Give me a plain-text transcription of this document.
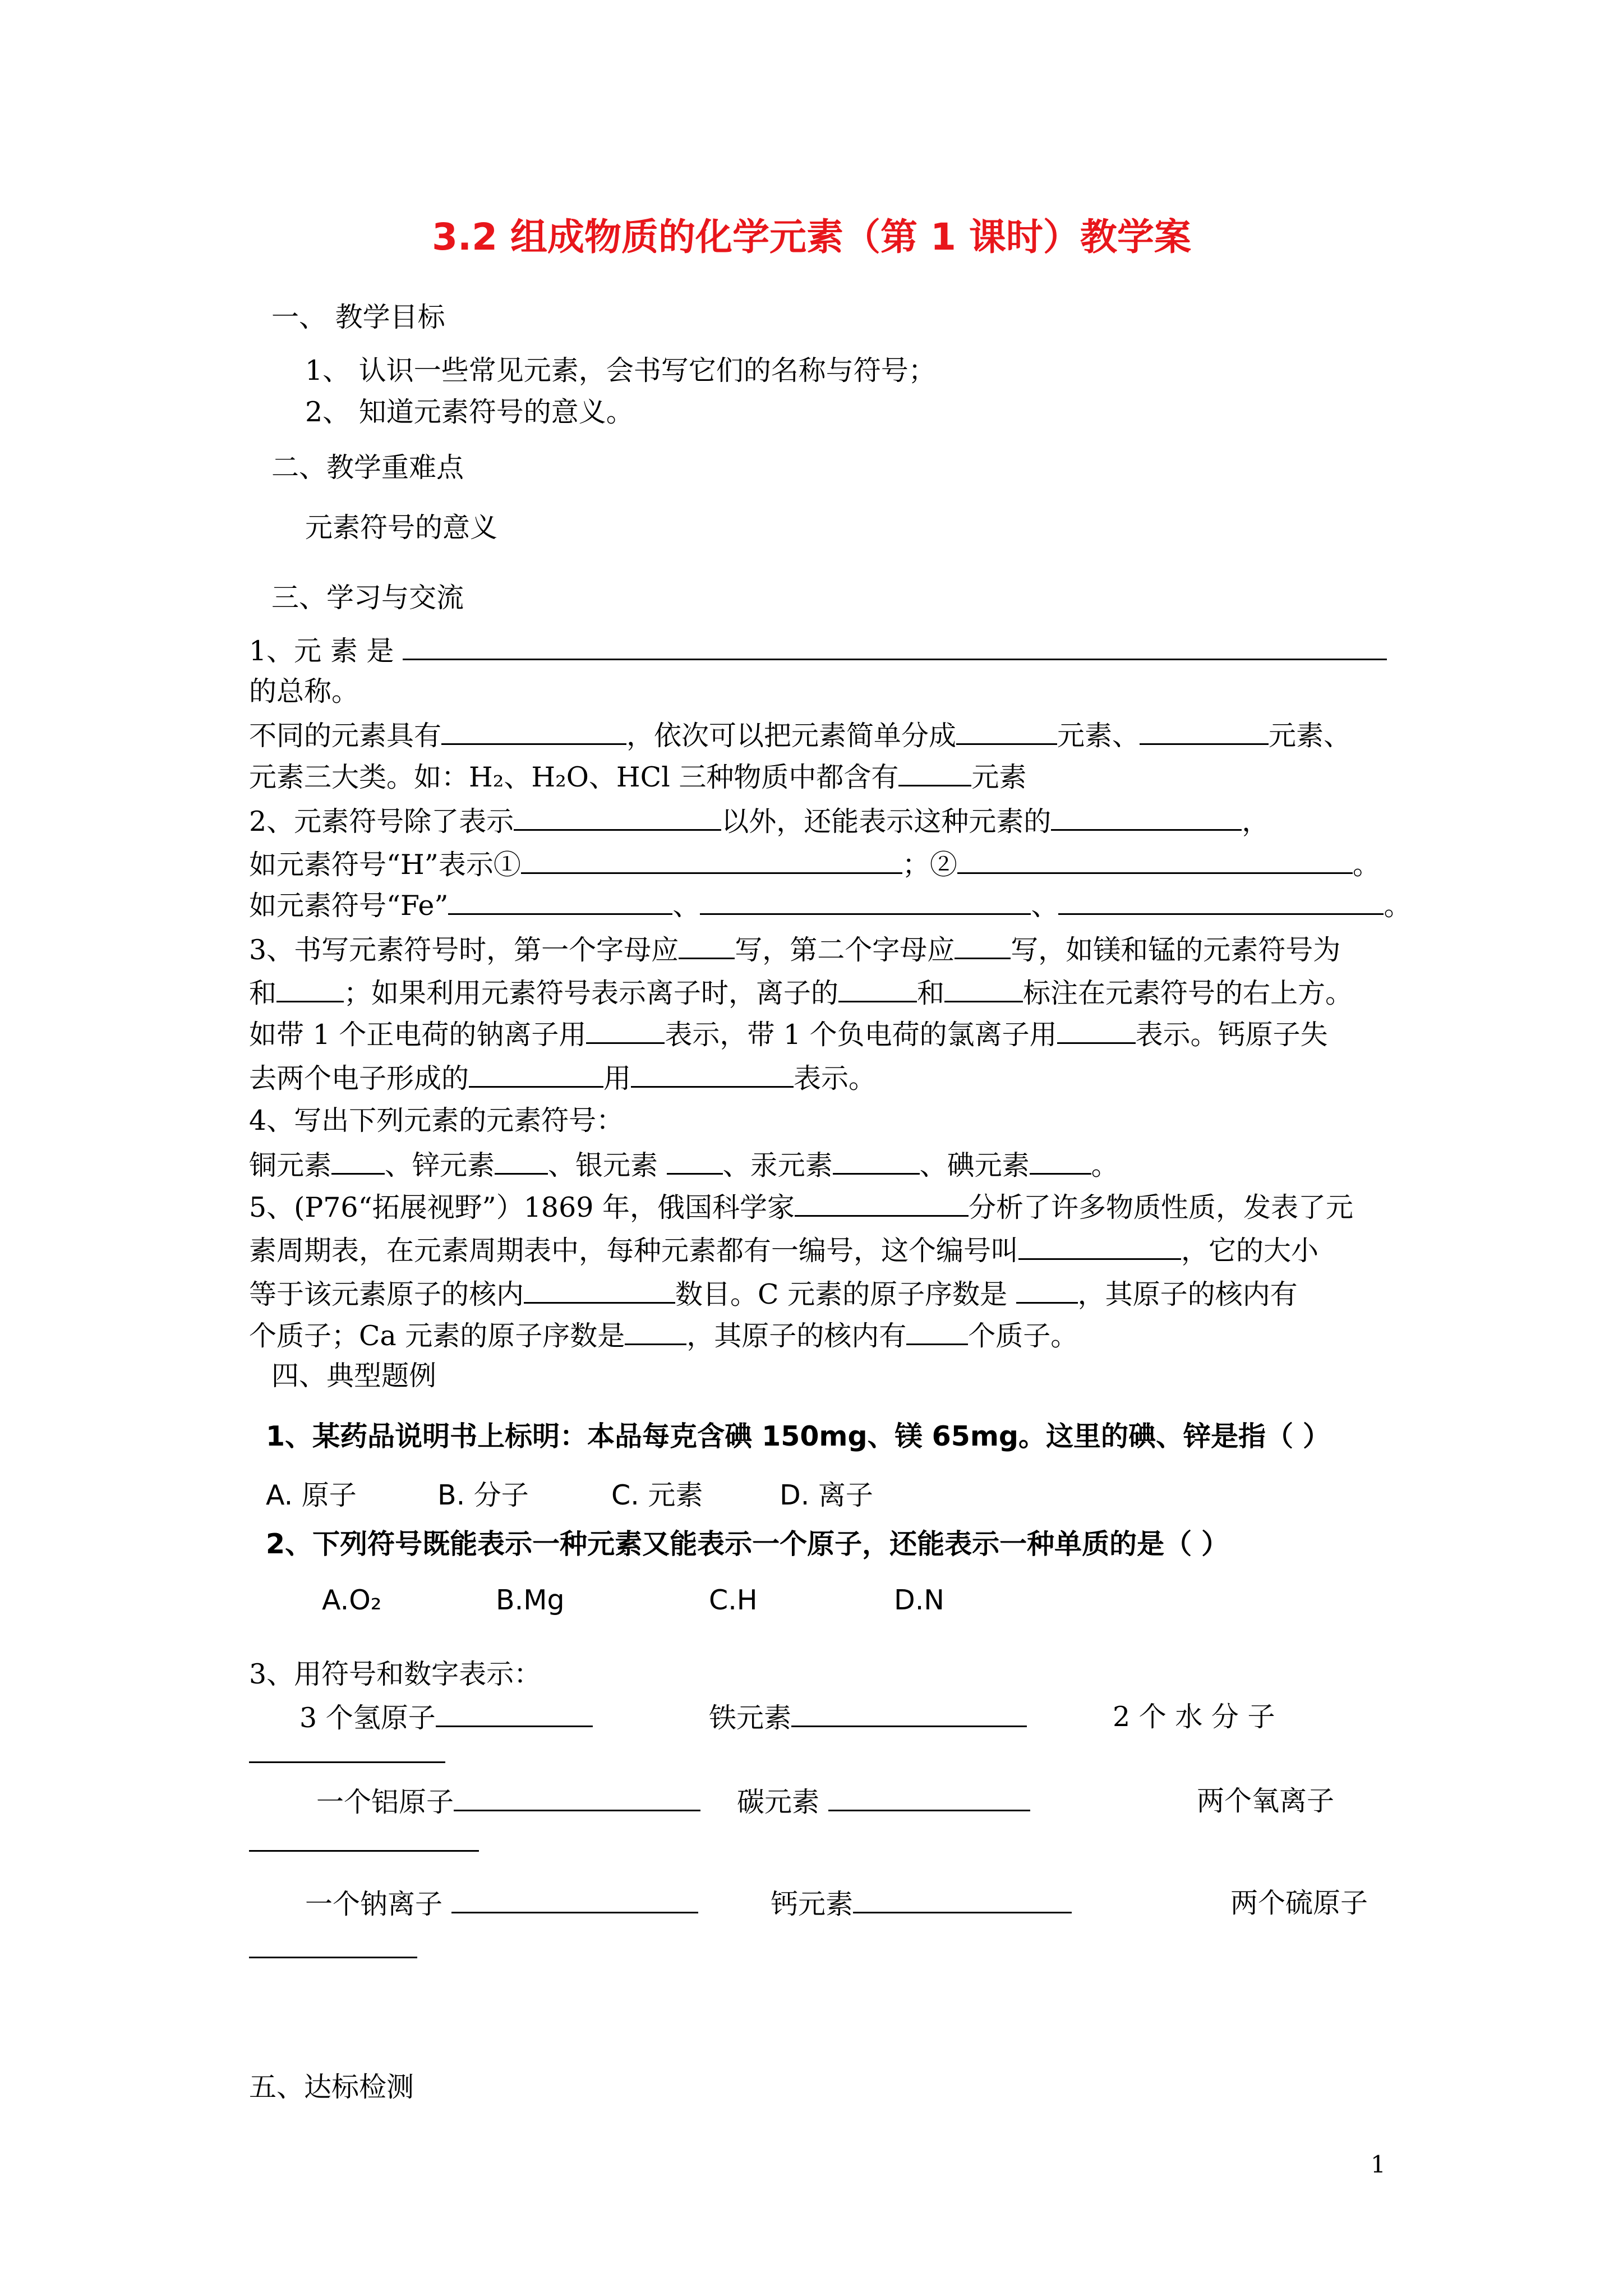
3.2 组成物质的化学元素（第 1 课时）教学案
一、 教学目标
1、 认识一些常见元素，会书写它们的名称与符号；
2、 知道元素符号的意义。
二、教学重难点
元素符号的意义
三、学习与交流
1、元 素 是
的总称。
不同的元素具有	，依次可以把元素简单分成	元素、	元素、
元素三大类。如：H₂、H₂O、HCl 三种物质中都含有	元素
2、元素符号除了表示	以外，还能表示这种元素的	，
如元素符号“H”表示①	；②	。
如元素符号“Fe”	、	、	。
3、书写元素符号时，第一个字母应 写，第二个字母应 写，如镁和锰的元素符号为
和 ；如果利用元素符号表示离子时，离子的	和	标注在元素符号的右上方。
如带 1 个正电荷的钠离子用	表示，带 1 个负电荷的氯离子用	表示。钙原子失
去两个电子形成的	用	表示。
4、写出下列元素的元素符号：
铜元素 、锌元素 、银元素 、汞元素	、碘元素 。
5、(P76“拓展视野”）1869 年，俄国科学家	分析了许多物质性质，发表了元
素周期表，在元素周期表中，每种元素都有一编号，这个编号叫	，它的大小
等于该元素原子的核内	数目。C 元素的原子序数是	，其原子的核内有
个质子；Ca 元素的原子序数是 ，其原子的核内有 个质子。
四、典型题例
1、某药品说明书上标明：本品每克含碘 150mg、镁 65mg。这里的碘、锌是指（ ）
A. 原子	B. 分子	C. 元素	D. 离子
2、下列符号既能表示一种元素又能表示一个原子，还能表示一种单质的是（ ）
A.O₂	B.Mg	C.H	D.N
3、用符号和数字表示：
3 个氢原子	铁元素	2 个 水 分 子
一个铝原子	碳元素	两个氧离子
一个钠离子	钙元素	两个硫原子
五、达标检测
1
